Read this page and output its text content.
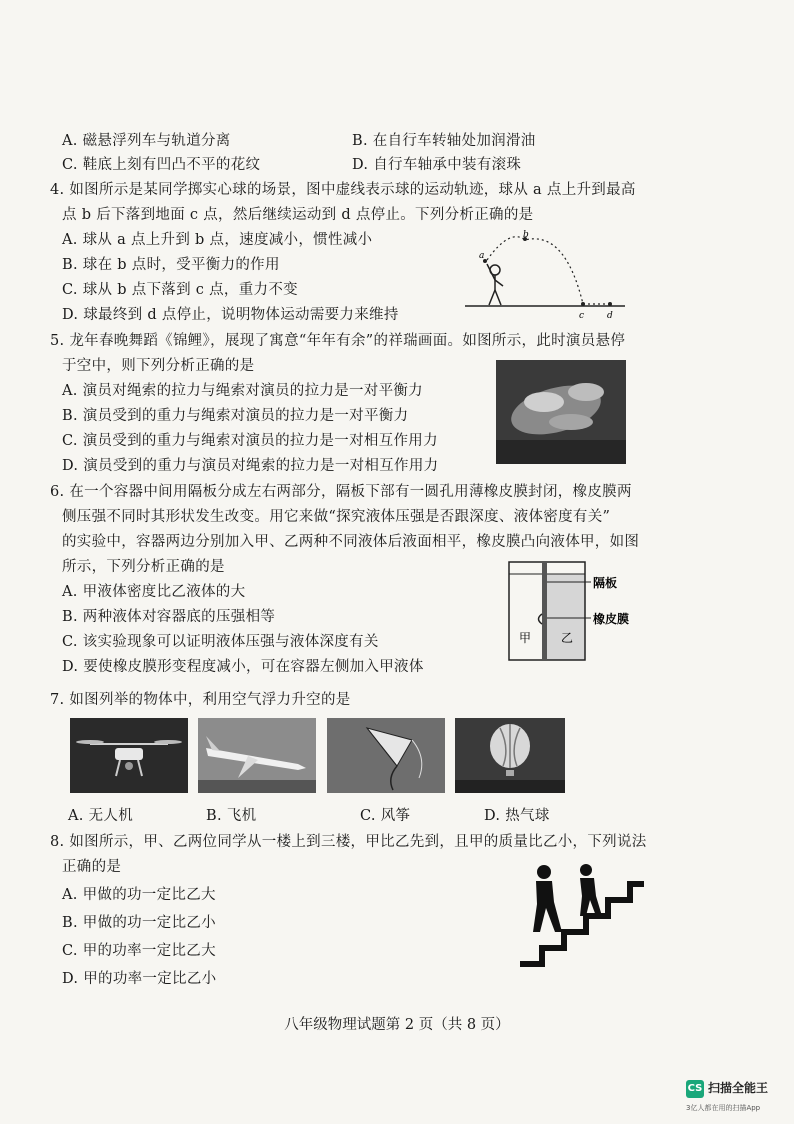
A. 磁悬浮列车与轨道分离	B. 在自行车转轴处加润滑油
C. 鞋底上刻有凹凸不平的花纹	D. 自行车轴承中装有滚珠
4. 如图所示是某同学掷实心球的场景，图中虚线表示球的运动轨迹，球从 a 点上升到最高
点 b 后下落到地面 c 点，然后继续运动到 d 点停止。下列分析正确的是
A. 球从 a 点上升到 b 点，速度减小，惯性减小
B. 球在 b 点时，受平衡力的作用
C. 球从 b 点下落到 c 点，重力不变
D. 球最终到 d 点停止，说明物体运动需要力来维持
a
b
c	d
5. 龙年春晚舞蹈《锦鲤》，展现了寓意“年年有余”的祥瑞画面。如图所示，此时演员悬停
于空中，则下列分析正确的是
A. 演员对绳索的拉力与绳索对演员的拉力是一对平衡力
B. 演员受到的重力与绳索对演员的拉力是一对平衡力
C. 演员受到的重力与绳索对演员的拉力是一对相互作用力
D. 演员受到的重力与演员对绳索的拉力是一对相互作用力
6. 在一个容器中间用隔板分成左右两部分，隔板下部有一圆孔用薄橡皮膜封闭，橡皮膜两
侧压强不同时其形状发生改变。用它来做“探究液体压强是否跟深度、液体密度有关”
的实验中，容器两边分别加入甲、乙两种不同液体后液面相平，橡皮膜凸向液体甲，如图
所示，下列分析正确的是
A. 甲液体密度比乙液体的大
B. 两种液体对容器底的压强相等
C. 该实验现象可以证明液体压强与液体深度有关
D. 要使橡皮膜形变程度减小，可在容器左侧加入甲液体
隔板
橡皮膜
甲 乙
7. 如图列举的物体中，利用空气浮力升空的是
A. 无人机	B. 飞机	C. 风筝	D. 热气球
8. 如图所示，甲、乙两位同学从一楼上到三楼，甲比乙先到，且甲的质量比乙小，下列说法
正确的是
A. 甲做的功一定比乙大
B. 甲做的功一定比乙小
C. 甲的功率一定比乙大
D. 甲的功率一定比乙小
八年级物理试题第 2 页（共 8 页）
CS 扫描全能王
3亿人都在用的扫描App
